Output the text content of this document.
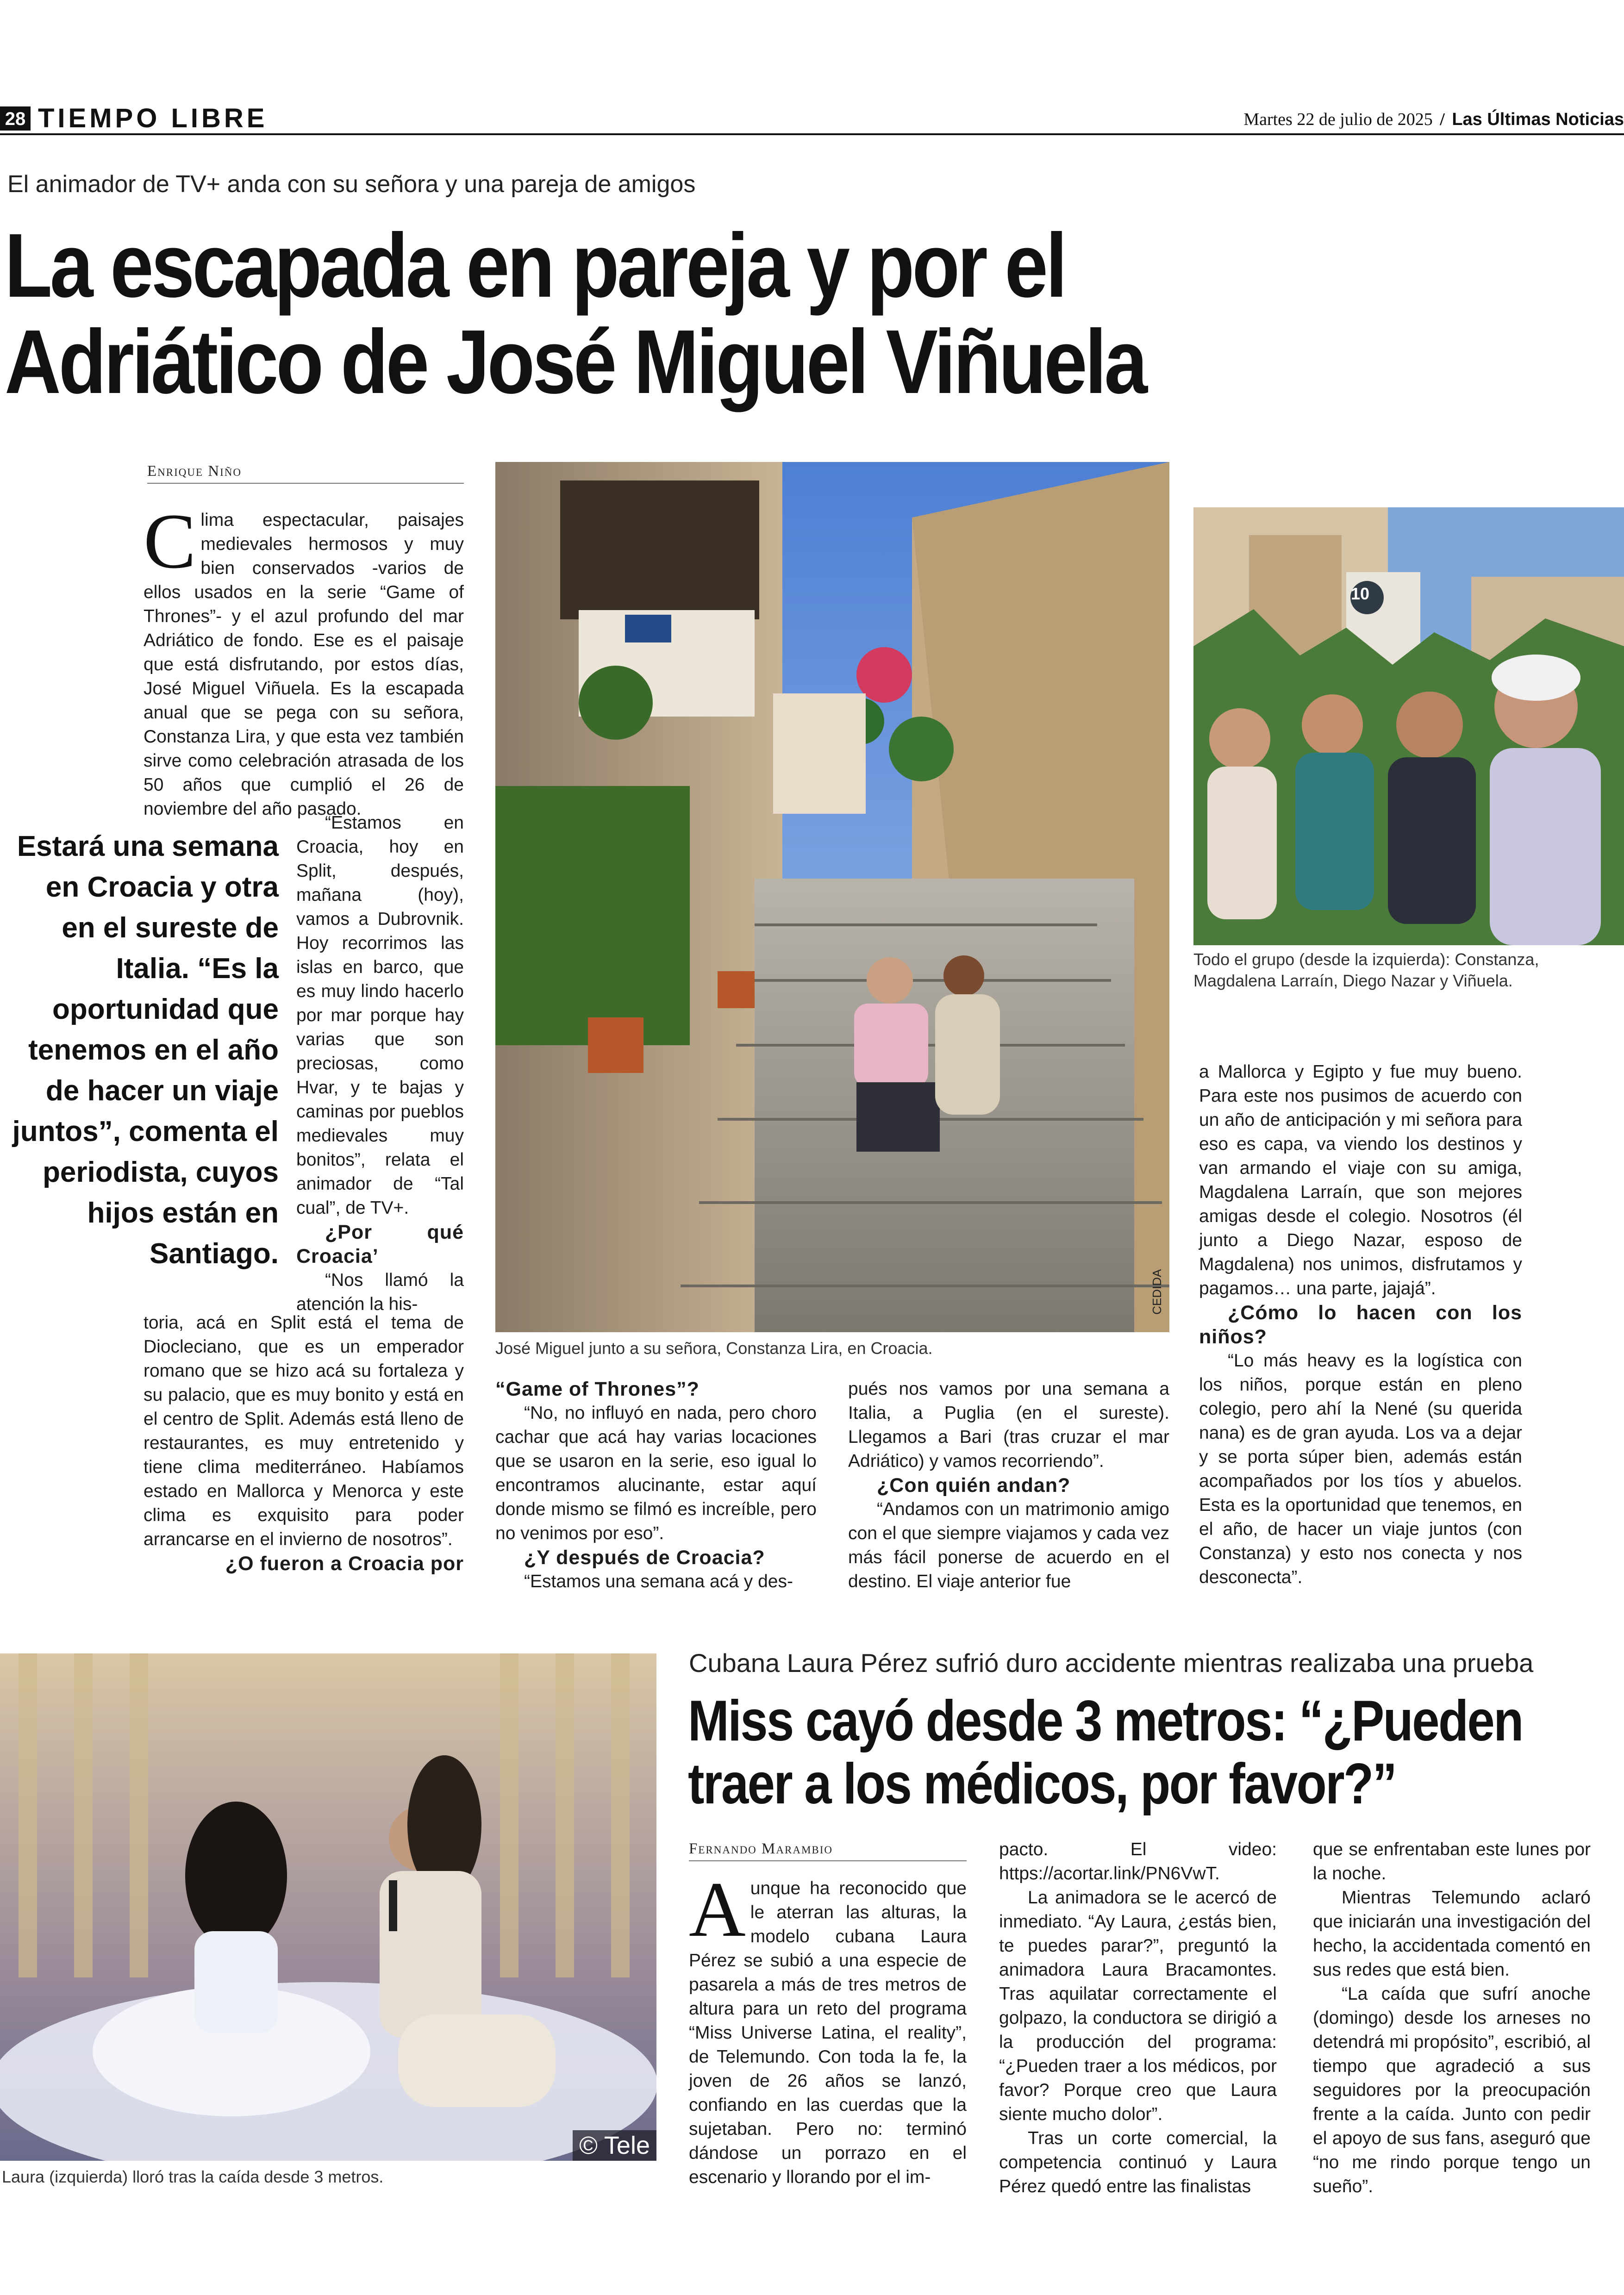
28 TIEMPO LIBRE	Martes 22 de julio de 2025 / Las Últimas Noticias
El animador de TV+ anda con su señora y una pareja de amigos
La escapada en pareja y por el
Adriático de José Miguel Viñuela
Enrique Niño
C lima espectacular, paisajes medievales hermosos y muy bien conservados -varios de ellos usados en la serie “Game of Thrones”- y el azul profundo del mar Adriático de fondo. Ese es el paisaje que está disfrutando, por estos días, José Miguel Viñuela. Es la escapada anual que se pega con su señora, Constanza Lira, y que esta vez también sirve como celebración atrasada de los 50 años que cumplió el 26 de noviembre del año pasado.

Estará una semana en Croacia y otra en el sureste de Italia. “Es la oportunidad que tenemos en el año de hacer un viaje juntos”, comenta el periodista, cuyos hijos están en Santiago.

“Estamos en Croacia, hoy en Split, después, mañana (hoy), vamos a Dubrovnik. Hoy recorrimos las islas en barco, que es muy lindo hacerlo por mar porque hay varias que son preciosas, como Hvar, y te bajas y caminas por pueblos medievales muy bonitos”, relata el animador de “Tal cual”, de TV+.

¿Por qué Croacia’

“Nos llamó la atención la his-

toria, acá en Split está el tema de Diocleciano, que es un emperador romano que se hizo acá su fortaleza y su palacio, que es muy bonito y está en el centro de Split. Además está lleno de restaurantes, es muy entretenido y tiene clima mediterráneo. Habíamos estado en Mallorca y Menorca y este clima es exquisito para poder arrancarse en el invierno de nosotros”.

¿O fueron a Croacia por

CEDIDA
José Miguel junto a su señora, Constanza Lira, en Croacia.

“Game of Thrones”?

“No, no influyó en nada, pero choro cachar que acá hay varias locaciones que se usaron en la serie, eso igual lo encontramos alucinante, estar aquí donde mismo se filmó es increíble, pero no venimos por eso”.

¿Y después de Croacia?

“Estamos una semana acá y des-

pués nos vamos por una semana a Italia, a Puglia (en el sureste). Llegamos a Bari (tras cruzar el mar Adriático) y vamos recorriendo”.

¿Con quién andan?

“Andamos con un matrimonio amigo con el que siempre viajamos y cada vez más fácil ponerse de acuerdo en el destino. El viaje anterior fue

10
Todo el grupo (desde la izquierda): Constanza, Magdalena Larraín, Diego Nazar y Viñuela.

a Mallorca y Egipto y fue muy bueno. Para este nos pusimos de acuerdo con un año de anticipación y mi señora para eso es capa, va viendo los destinos y van armando el viaje con su amiga, Magdalena Larraín, que son mejores amigas desde el colegio. Nosotros (él junto a Diego Nazar, esposo de Magdalena) nos unimos, disfrutamos y pagamos… una parte, jajajá”.

¿Cómo lo hacen con los niños?

“Lo más heavy es la logística con los niños, porque están en pleno colegio, pero ahí la Nené (su querida nana) es de gran ayuda. Los va a dejar y se porta súper bien, además están acompañados por los tíos y abuelos. Esta es la oportunidad que tenemos, en el año, de hacer un viaje juntos (con Constanza) y esto nos conecta y nos desconecta”.

© Tele
Laura (izquierda) lloró tras la caída desde 3 metros.
Cubana Laura Pérez sufrió duro accidente mientras realizaba una prueba
Miss cayó desde 3 metros: “¿Pueden
traer a los médicos, por favor?”
Fernando Marambio
A unque ha reconocido que le aterran las alturas, la modelo cubana Laura Pérez se subió a una especie de pasarela a más de tres metros de altura para un reto del programa “Miss Universe Latina, el reality”, de Telemundo. Con toda la fe, la joven de 26 años se lanzó, confiando en las cuerdas que la sujetaban. Pero no: terminó dándose un porrazo en el escenario y llorando por el im-

pacto. El video: https://acortar.link/PN6VwT.

La animadora se le acercó de inmediato. “Ay Laura, ¿estás bien, te puedes parar?”, preguntó la animadora Laura Bracamontes. Tras aquilatar correctamente el golpazo, la conductora se dirigió a la producción del programa: “¿Pueden traer a los médicos, por favor? Porque creo que Laura siente mucho dolor”.

Tras un corte comercial, la competencia continuó y Laura Pérez quedó entre las finalistas

que se enfrentaban este lunes por la noche.

Mientras Telemundo aclaró que iniciarán una investigación del hecho, la accidentada comentó en sus redes que está bien.

“La caída que sufrí anoche (domingo) desde los arneses no detendrá mi propósito”, escribió, al tiempo que agradeció a sus seguidores por la preocupación frente a la caída. Junto con pedir el apoyo de sus fans, aseguró que “no me rindo porque tengo un sueño”.
